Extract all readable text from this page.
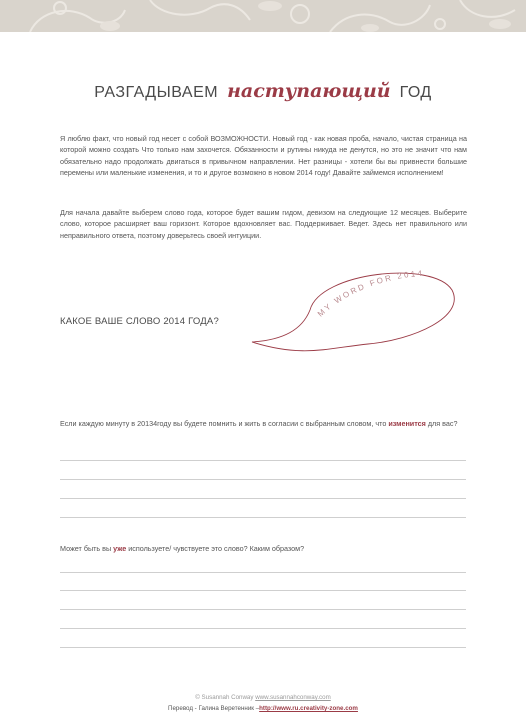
РАЗГАДЫВАЕМ наступающий ГОД

Я люблю факт, что новый год несет с собой ВОЗМОЖНОСТИ. Новый год - как новая проба, начало, чистая страница на которой можно создать Что только нам захочется. Обязанности и рутины никуда не денутся, но это не значит что нам обязательно надо продолжать двигаться в привычном направлении. Нет разницы - хотели бы вы привнести большие перемены или маленькие изменения, и то и другое возможно в новом 2014 году! Давайте займемся исполнением!

Для начала давайте выберем слово года, которое будет вашим гидом, девизом на следующие 12 месяцев. Выберите слово, которое расширяет ваш горизонт. Которое вдохновляет вас. Поддерживает. Ведет. Здесь нет правильного или неправильного ответа, поэтому доверьтесь своей интуиции.

MY WORD FOR 2014
КАКОЕ ВАШЕ СЛОВО 2014 ГОДА?

Если каждую минуту в 20134году вы будете помнить и жить в согласии с выбранным словом, что изменится для вас?

Может быть вы уже используете/ чувствуете это слово? Каким образом?

© Susannah Conway www.susannahconway.com
Перевод - Галина Веретенник –http://www.ru.creativity-zone.com
